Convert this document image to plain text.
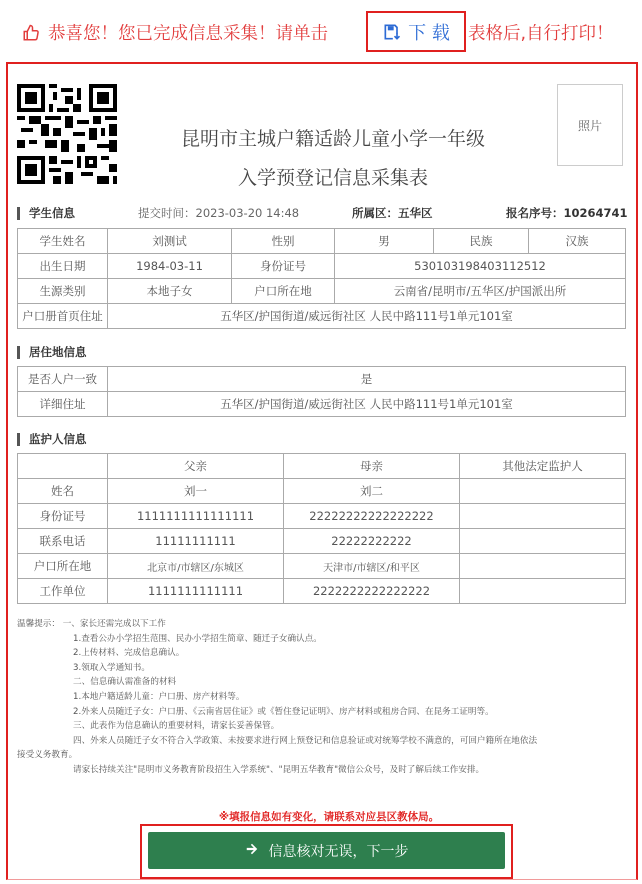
恭喜您！您已完成信息采集！请单击	下 载 表格后,自行打印！
照片
昆明市主城户籍适龄儿童小学一年级
入学预登记信息采集表
学生信息	提交时间：2023-03-20 14:48	所属区：五华区	报名序号：10264741
学生姓名	刘测试	性别	男	民族	汉族
出生日期	1984-03-11	身份证号	530103198403112512		
生源类别	本地子女	户口所在地	云南省/昆明市/五华区/护国派出所		
户口册首页住址	五华区/护国街道/威远街社区 人民中路111号1单元101室				
居住地信息
是否人户一致	是
详细住址	五华区/护国街道/威远街社区 人民中路111号1单元101室
监护人信息
	父亲	母亲	其他法定监护人
姓名	刘一	刘二	
身份证号	1111111111111111	22222222222222222	
联系电话	11111111111	22222222222	
户口所在地	北京市/市辖区/东城区	天津市/市辖区/和平区	
工作单位	1111111111111	2222222222222222	
温馨提示： 一、家长还需完成以下工作
1.查看公办小学招生范围、民办小学招生简章、随迁子女确认点。
2.上传材料、完成信息确认。
3.领取入学通知书。
二、信息确认需准备的材料
1.本地户籍适龄儿童：户口册、房产材料等。
2.外来人员随迁子女：户口册、《云南省居住证》或《暂住登记证明》、房产材料或租房合同、在昆务工证明等。
三、此表作为信息确认的重要材料，请家长妥善保管。
四、外来人员随迁子女不符合入学政策、未按要求进行网上预登记和信息验证或对统筹学校不满意的，可回户籍所在地依法
接受义务教育。
请家长持续关注"昆明市义务教育阶段招生入学系统"、"昆明五华教育"微信公众号，及时了解后续工作安排。
※填报信息如有变化，请联系对应县区教体局。
信息核对无误，下一步
